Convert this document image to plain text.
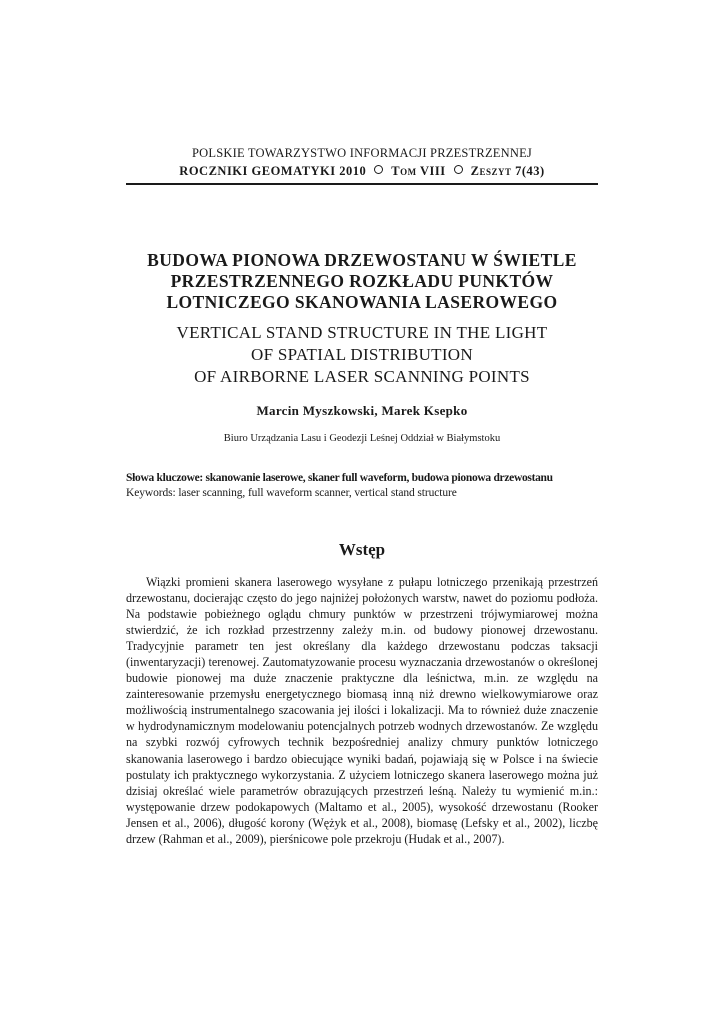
POLSKIE TOWARZYSTWO INFORMACJI PRZESTRZENNEJ
ROCZNIKI GEOMATYKI 2010 Tom VIII Zeszyt 7(43)
BUDOWA PIONOWA DRZEWOSTANU W ŚWIETLE
PRZESTRZENNEGO ROZKŁADU PUNKTÓW
LOTNICZEGO SKANOWANIA LASEROWEGO
VERTICAL STAND STRUCTURE IN THE LIGHT
OF SPATIAL DISTRIBUTION
OF AIRBORNE LASER SCANNING POINTS
Marcin Myszkowski, Marek Ksepko
Biuro Urządzania Lasu i Geodezji Leśnej Oddział w Białymstoku
Słowa kluczowe: skanowanie laserowe, skaner full waveform, budowa pionowa drzewostanu
Keywords: laser scanning, full waveform scanner, vertical stand structure
Wstęp

Wiązki promieni skanera laserowego wysyłane z pułapu lotniczego przenikają przestrzeń drzewostanu, docierając często do jego najniżej położonych warstw, nawet do poziomu podłoża. Na podstawie pobieżnego oglądu chmury punktów w przestrzeni trójwymiarowej można stwierdzić, że ich rozkład przestrzenny zależy m.in. od budowy pionowej drzewostanu. Tradycyjnie parametr ten jest określany dla każdego drzewostanu podczas taksacji (inwentaryzacji) terenowej. Zautomatyzowanie procesu wyznaczania drzewostanów o określonej budowie pionowej ma duże znaczenie praktyczne dla leśnictwa, m.in. ze względu na zainteresowanie przemysłu energetycznego biomasą inną niż drewno wielkowymiarowe oraz możliwością instrumentalnego szacowania jej ilości i lokalizacji. Ma to również duże znaczenie w hydrodynamicznym modelowaniu potencjalnych potrzeb wodnych drzewostanów. Ze względu na szybki rozwój cyfrowych technik bezpośredniej analizy chmury punktów lotniczego skanowania laserowego i bardzo obiecujące wyniki badań, pojawiają się w Polsce i na świecie postulaty ich praktycznego wykorzystania. Z użyciem lotniczego skanera laserowego można już dzisiaj określać wiele parametrów obrazujących przestrzeń leśną. Należy tu wymienić m.in.: występowanie drzew podokapowych (Maltamo et al., 2005), wysokość drzewostanu (Rooker Jensen et al., 2006), długość korony (Wężyk et al., 2008), biomasę (Lefsky et al., 2002), liczbę drzew (Rahman et al., 2009), pierśnicowe pole przekroju (Hudak et al., 2007).
